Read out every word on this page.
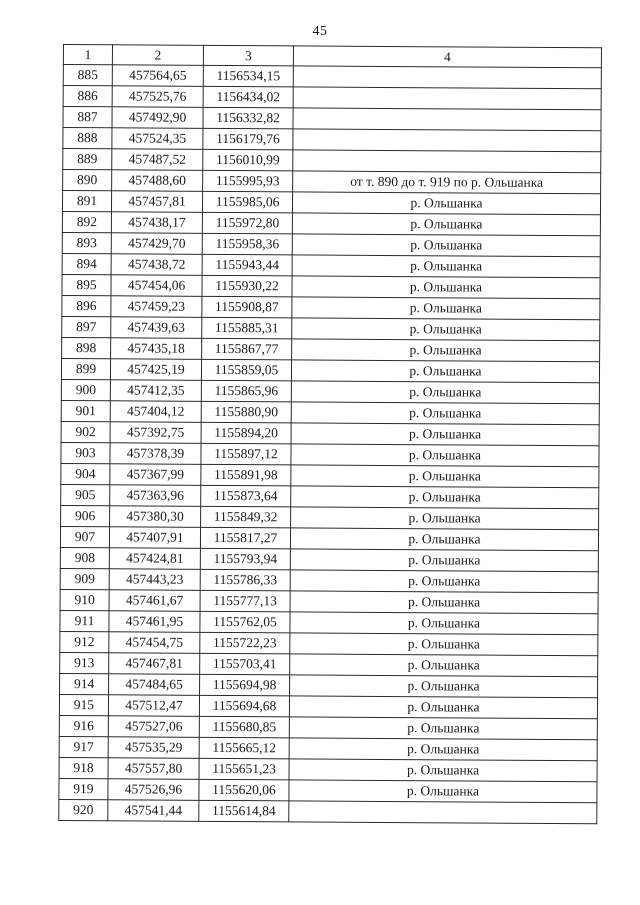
45
1	2	3	4
885	457564,65	1156534,15	
886	457525,76	1156434,02	
887	457492,90	1156332,82	
888	457524,35	1156179,76	
889	457487,52	1156010,99	
890	457488,60	1155995,93	от т. 890 до т. 919 по р. Ольшанка
891	457457,81	1155985,06	р. Ольшанка
892	457438,17	1155972,80	р. Ольшанка
893	457429,70	1155958,36	р. Ольшанка
894	457438,72	1155943,44	р. Ольшанка
895	457454,06	1155930,22	р. Ольшанка
896	457459,23	1155908,87	р. Ольшанка
897	457439,63	1155885,31	р. Ольшанка
898	457435,18	1155867,77	р. Ольшанка
899	457425,19	1155859,05	р. Ольшанка
900	457412,35	1155865,96	р. Ольшанка
901	457404,12	1155880,90	р. Ольшанка
902	457392,75	1155894,20	р. Ольшанка
903	457378,39	1155897,12	р. Ольшанка
904	457367,99	1155891,98	р. Ольшанка
905	457363,96	1155873,64	р. Ольшанка
906	457380,30	1155849,32	р. Ольшанка
907	457407,91	1155817,27	р. Ольшанка
908	457424,81	1155793,94	р. Ольшанка
909	457443,23	1155786,33	р. Ольшанка
910	457461,67	1155777,13	р. Ольшанка
911	457461,95	1155762,05	р. Ольшанка
912	457454,75	1155722,23	р. Ольшанка
913	457467,81	1155703,41	р. Ольшанка
914	457484,65	1155694,98	р. Ольшанка
915	457512,47	1155694,68	р. Ольшанка
916	457527,06	1155680,85	р. Ольшанка
917	457535,29	1155665,12	р. Ольшанка
918	457557,80	1155651,23	р. Ольшанка
919	457526,96	1155620,06	р. Ольшанка
920	457541,44	1155614,84	
